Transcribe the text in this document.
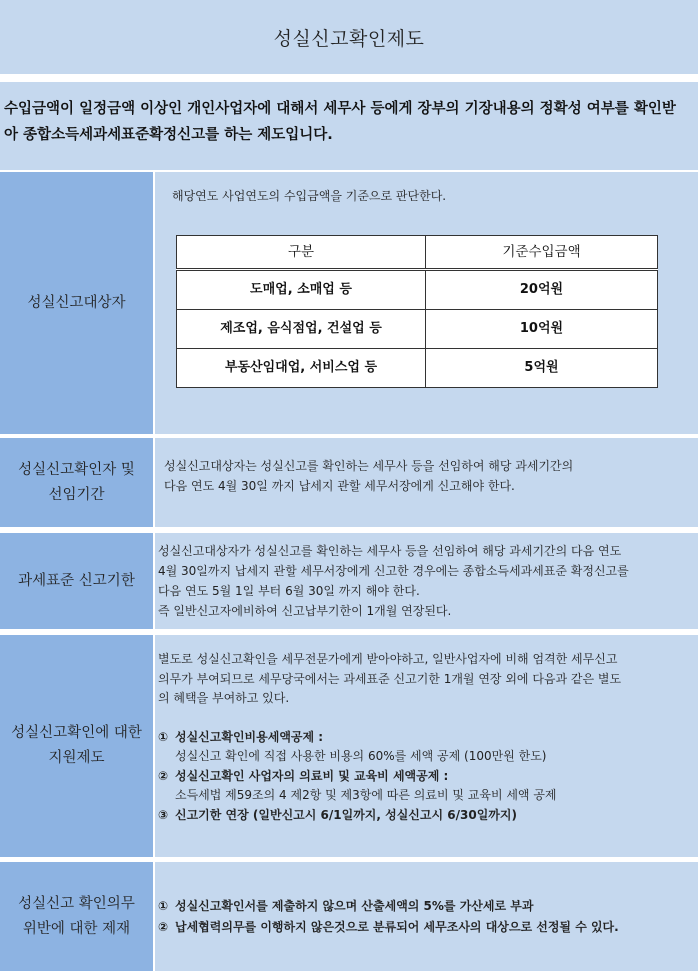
성실신고확인제도
수입금액이 일정금액 이상인 개인사업자에 대해서 세무사 등에게 장부의 기장내용의 정확성 여부를 확인받아 종합소득세과세표준확정신고를 하는 제도입니다.
성실신고대상자

해당연도 사업연도의 수입금액을 기준으로 판단한다.

구분	기준수입금액
도매업, 소매업 등	20억원
제조업, 음식점업, 건설업 등	10억원
부동산임대업, 서비스업 등	5억원
성실신고확인자 및
선임기간

성실신고대상자는 성실신고를 확인하는 세무사 등을 선임하여 해당 과세기간의

다음 연도 4월 30일 까지 납세지 관할 세무서장에게 신고해야 한다.

과세표준 신고기한

성실신고대상자가 성실신고를 확인하는 세무사 등을 선임하여 해당 과세기간의 다음 연도

4월 30일까지 납세지 관할 세무서장에게 신고한 경우에는 종합소득세과세표준 확정신고를

다음 연도 5월 1일 부터 6월 30일 까지 해야 한다.

즉 일반신고자에비하여 신고납부기한이 1개월 연장된다.

성실신고확인에 대한
지원제도

별도로 성실신고확인을 세무전문가에게 받아야하고, 일반사업자에 비해 엄격한 세무신고

의무가 부여되므로 세무당국에서는 과세표준 신고기한 1개월 연장 외에 다음과 같은 별도

의 혜택을 부여하고 있다.

① 성실신고확인비용세액공제 :

성실신고 확인에 직접 사용한 비용의 60%를 세액 공제 (100만원 한도)

② 성실신고확인 사업자의 의료비 및 교육비 세액공제 :

소득세법 제59조의 4 제2항 및 제3항에 따른 의료비 및 교육비 세액 공제

③ 신고기한 연장 (일반신고시 6/1일까지, 성실신고시 6/30일까지)
성실신고 확인의무
위반에 대한 제재
① 성실신고확인서를 제출하지 않으며 산출세액의 5%를 가산세로 부과
② 납세협력의무를 이행하지 않은것으로 분류되어 세무조사의 대상으로 선정될 수 있다.
